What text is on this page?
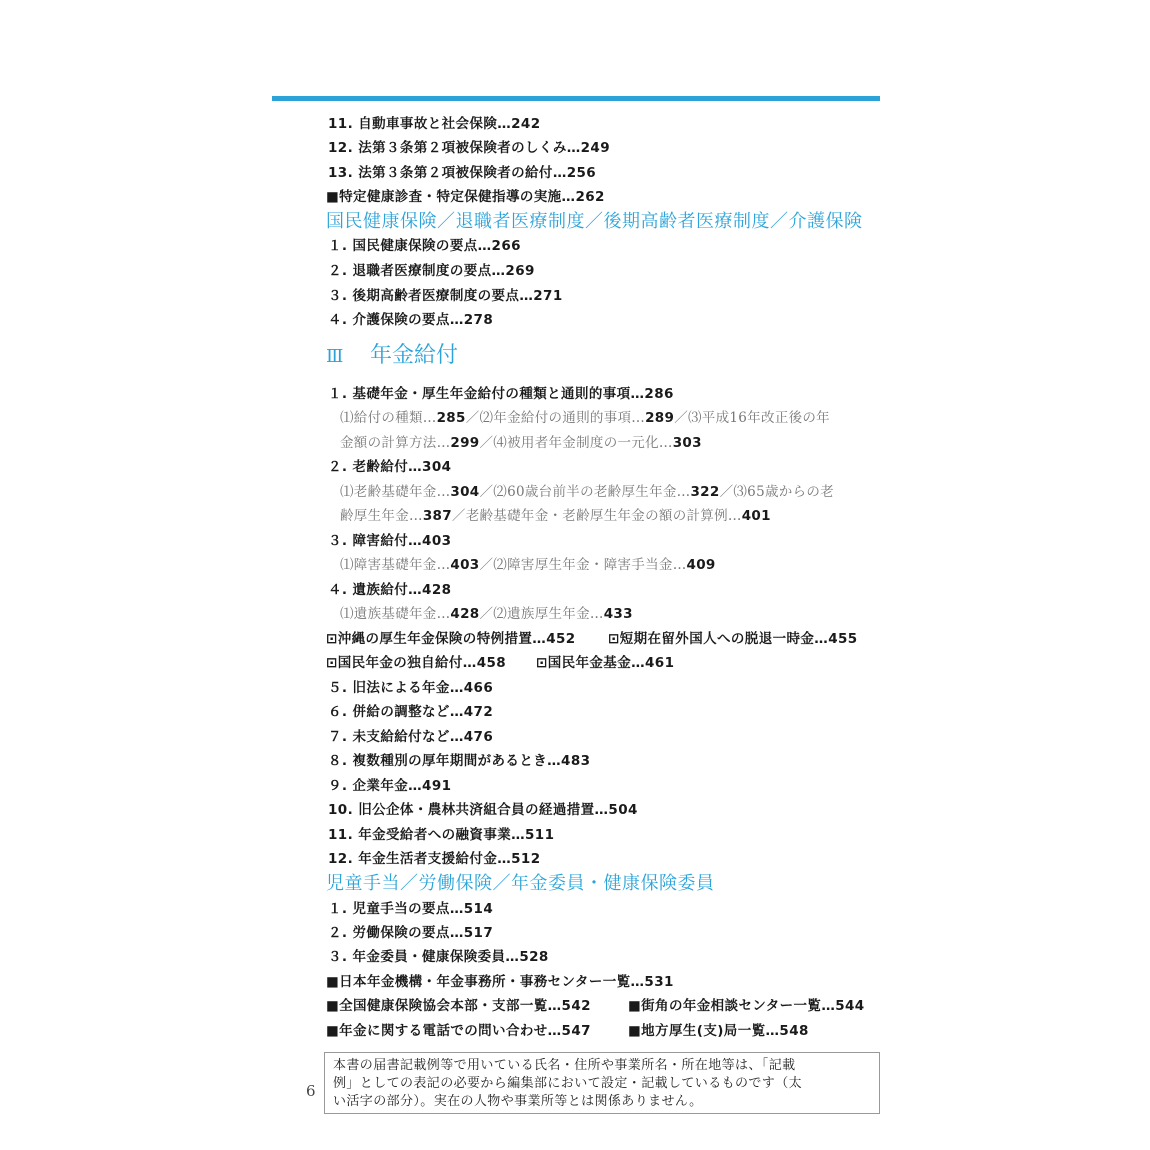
11. 自動車事故と社会保険…242
12. 法第３条第２項被保険者のしくみ…249
13. 法第３条第２項被保険者の給付…256
■特定健康診査・特定保健指導の実施…262
国民健康保険／退職者医療制度／後期高齢者医療制度／介護保険
１. 国民健康保険の要点…266
２. 退職者医療制度の要点…269
３. 後期高齢者医療制度の要点…271
４. 介護保険の要点…278
Ⅲ 年金給付
１. 基礎年金・厚生年金給付の種類と通則的事項…286
⑴給付の種類…285／⑵年金給付の通則的事項…289／⑶平成16年改正後の年
金額の計算方法…299／⑷被用者年金制度の一元化…303
２. 老齢給付…304
⑴老齢基礎年金…304／⑵60歳台前半の老齢厚生年金…322／⑶65歳からの老
齢厚生年金…387／老齢基礎年金・老齢厚生年金の額の計算例…401
３. 障害給付…403
⑴障害基礎年金…403／⑵障害厚生年金・障害手当金…409
４. 遺族給付…428
⑴遺族基礎年金…428／⑵遺族厚生年金…433
⊡沖縄の厚生年金保険の特例措置…452 ⊡短期在留外国人への脱退一時金…455
⊡国民年金の独自給付…458 ⊡国民年金基金…461
５. 旧法による年金…466
６. 併給の調整など…472
７. 未支給給付など…476
８. 複数種別の厚年期間があるとき…483
９. 企業年金…491
10. 旧公企体・農林共済組合員の経過措置…504
11. 年金受給者への融資事業…511
12. 年金生活者支援給付金…512
児童手当／労働保険／年金委員・健康保険委員
１. 児童手当の要点…514
２. 労働保険の要点…517
３. 年金委員・健康保険委員…528
■日本年金機構・年金事務所・事務センター一覧…531
■全国健康保険協会本部・支部一覧…542	■街角の年金相談センター一覧…544
■年金に関する電話での問い合わせ…547	■地方厚生(支)局一覧…548
本書の届書記載例等で用いている氏名・住所や事業所名・所在地等は、「記載
例」としての表記の必要から編集部において設定・記載しているものです（太
い活字の部分）。実在の人物や事業所等とは関係ありません。
6
